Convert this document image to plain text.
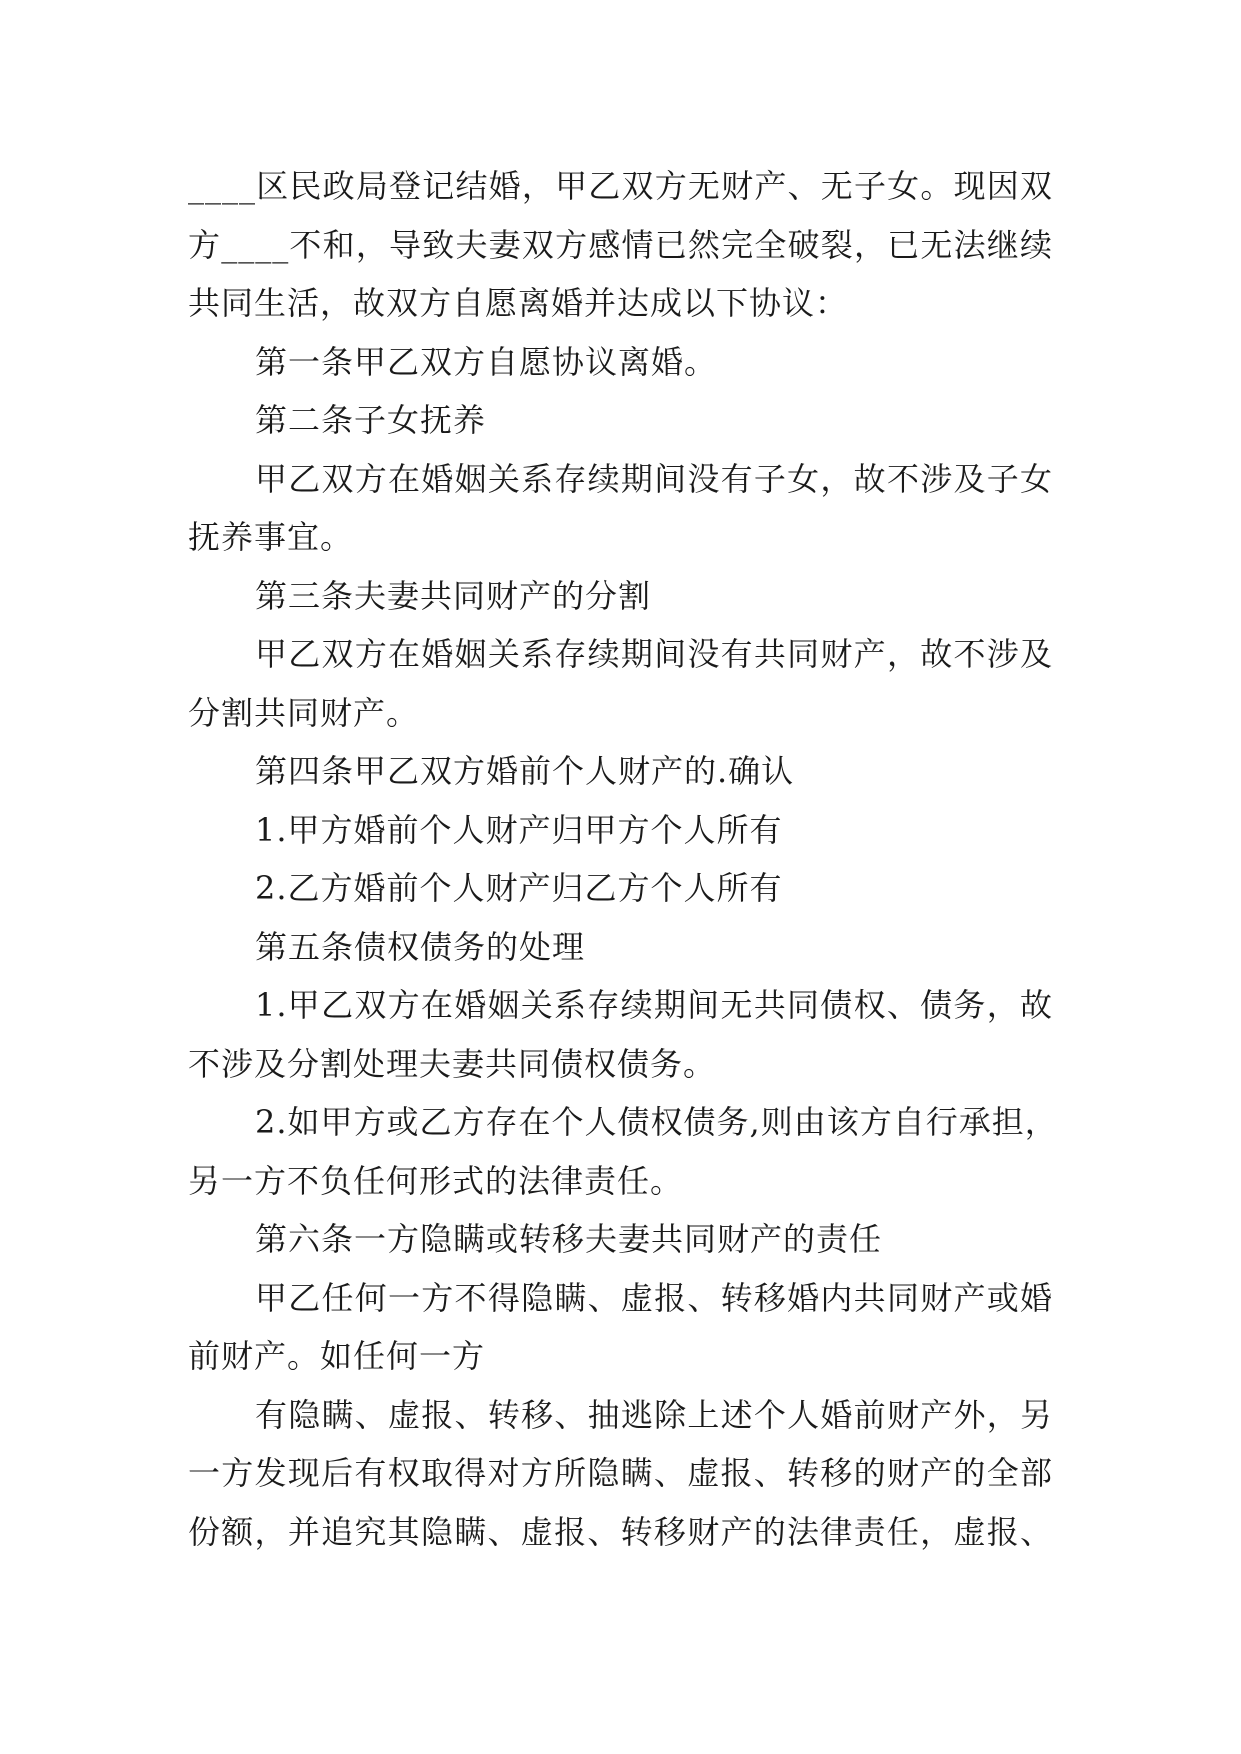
____区民政局登记结婚，甲乙双方无财产、无子女。现因双
方____不和，导致夫妻双方感情已然完全破裂，已无法继续
共同生活，故双方自愿离婚并达成以下协议：
第一条甲乙双方自愿协议离婚。
第二条子女抚养
甲乙双方在婚姻关系存续期间没有子女，故不涉及子女
抚养事宜。
第三条夫妻共同财产的分割
甲乙双方在婚姻关系存续期间没有共同财产，故不涉及
分割共同财产。
第四条甲乙双方婚前个人财产的.确认
1.甲方婚前个人财产归甲方个人所有
2.乙方婚前个人财产归乙方个人所有
第五条债权债务的处理
1.甲乙双方在婚姻关系存续期间无共同债权、债务，故
不涉及分割处理夫妻共同债权债务。
2.如甲方或乙方存在个人债权债务,则由该方自行承担，
另一方不负任何形式的法律责任。
第六条一方隐瞒或转移夫妻共同财产的责任
甲乙任何一方不得隐瞒、虚报、转移婚内共同财产或婚
前财产。如任何一方
有隐瞒、虚报、转移、抽逃除上述个人婚前财产外，另
一方发现后有权取得对方所隐瞒、虚报、转移的财产的全部
份额，并追究其隐瞒、虚报、转移财产的法律责任，虚报、
